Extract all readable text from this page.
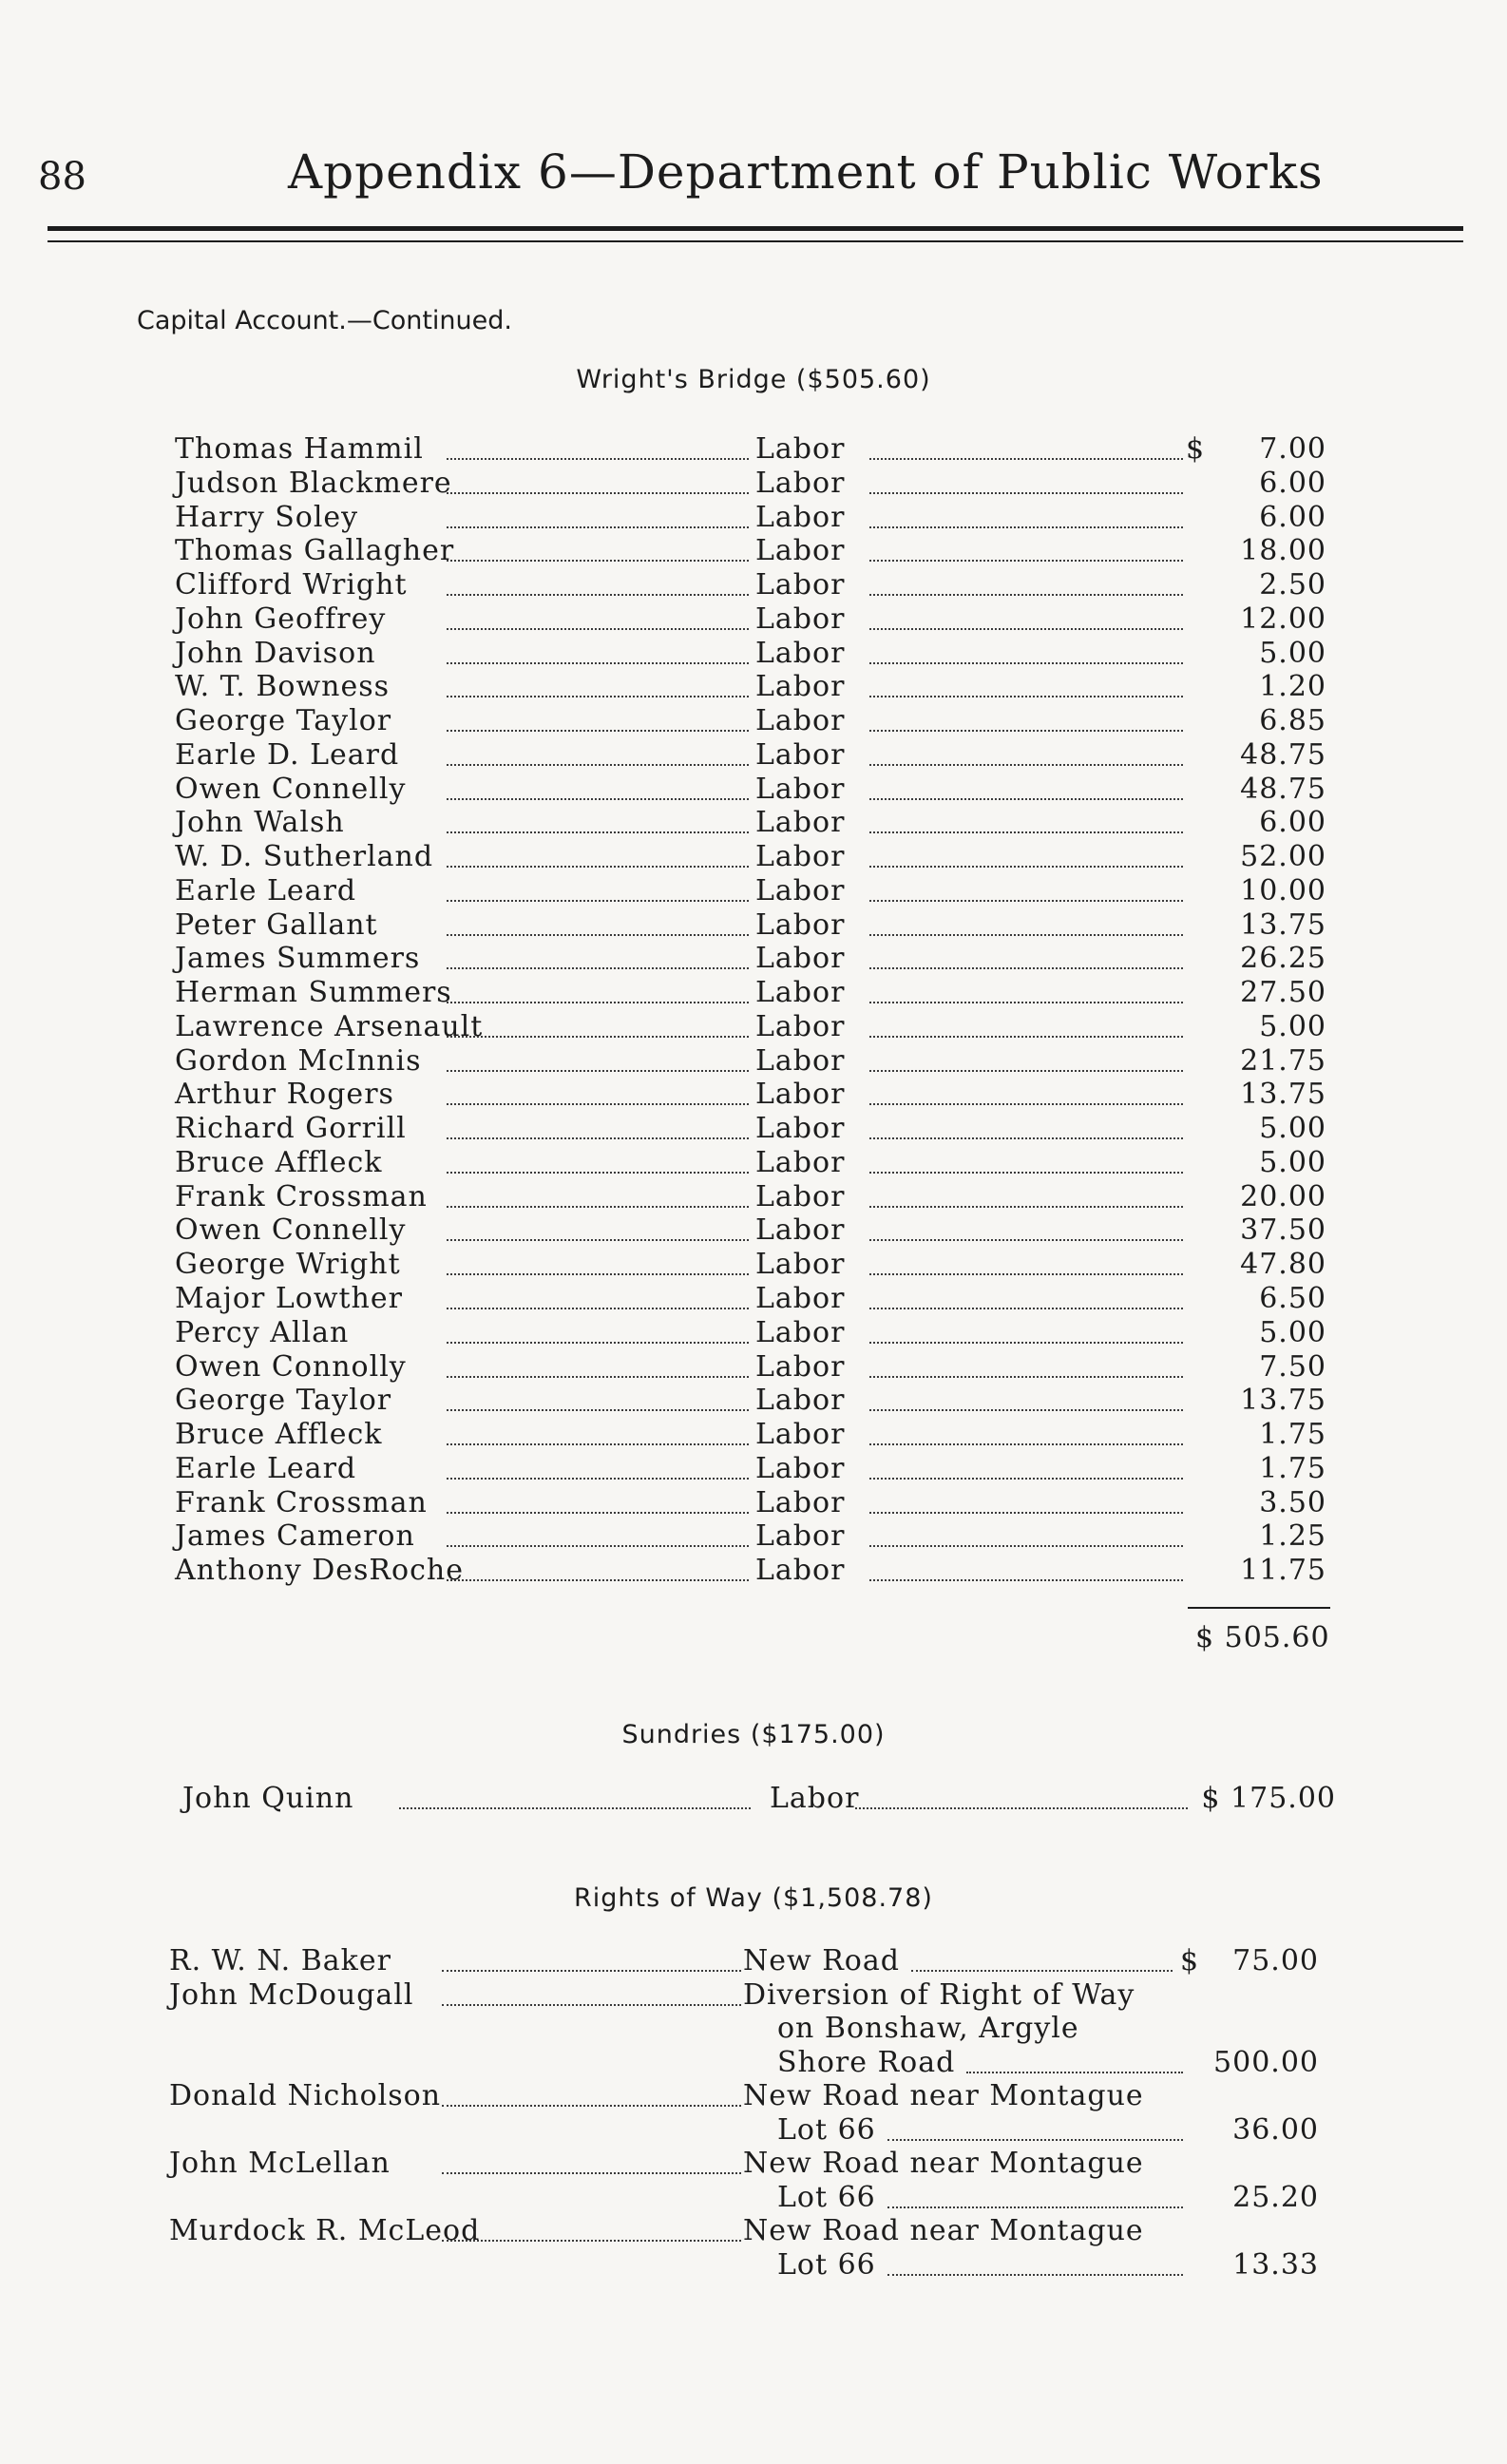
88	Appendix 6—Department of Public Works
Capital Account.—Continued.
Wright's Bridge ($505.60)
Thomas Hammil	Labor	$	7.00
Judson Blackmere	Labor	6.00
Harry Soley	Labor	6.00
Thomas Gallagher	Labor	18.00
Clifford Wright	Labor	2.50
John Geoffrey	Labor	12.00
John Davison	Labor	5.00
W. T. Bowness	Labor	1.20
George Taylor	Labor	6.85
Earle D. Leard	Labor	48.75
Owen Connelly	Labor	48.75
John Walsh	Labor	6.00
W. D. Sutherland	Labor	52.00
Earle Leard	Labor	10.00
Peter Gallant	Labor	13.75
James Summers	Labor	26.25
Herman Summers	Labor	27.50
Lawrence Arsenault	Labor	5.00
Gordon McInnis	Labor	21.75
Arthur Rogers	Labor	13.75
Richard Gorrill	Labor	5.00
Bruce Affleck	Labor	5.00
Frank Crossman	Labor	20.00
Owen Connelly	Labor	37.50
George Wright	Labor	47.80
Major Lowther	Labor	6.50
Percy Allan	Labor	5.00
Owen Connolly	Labor	7.50
George Taylor	Labor	13.75
Bruce Affleck	Labor	1.75
Earle Leard	Labor	1.75
Frank Crossman	Labor	3.50
James Cameron	Labor	1.25
Anthony DesRoche	Labor	11.75
$ 505.60
Sundries ($175.00)
John Quinn	Labor	$ 175.00
Rights of Way ($1,508.78)
R. W. N. Baker	New Road	$	75.00
John McDougall	Diversion of Right of Way
on Bonshaw, Argyle
Shore Road	500.00
Donald Nicholson	New Road near Montague
Lot 66	36.00
John McLellan	New Road near Montague
Lot 66	25.20
Murdock R. McLeod	New Road near Montague
Lot 66	13.33
